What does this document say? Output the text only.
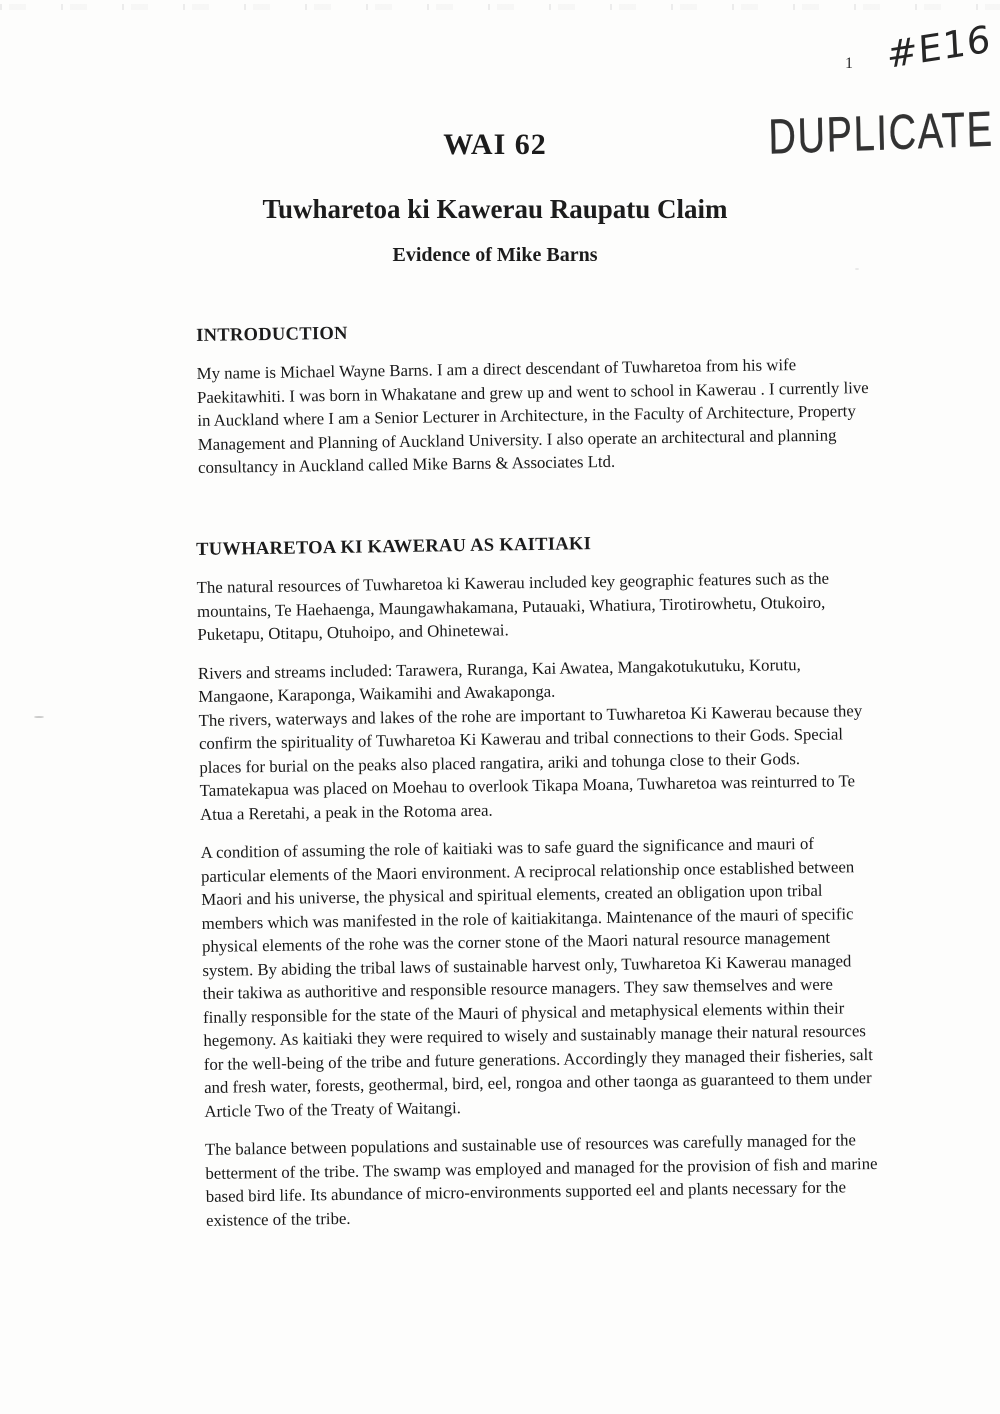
1 #E16
DUPLICATE
WAI 62
Tuwharetoa ki Kawerau Raupatu Claim
Evidence of Mike Barns
INTRODUCTION

My name is Michael Wayne Barns. I am a direct descendant of Tuwharetoa from his wife Paekitawhiti. I was born in Whakatane and grew up and went to school in Kawerau . I currently live in Auckland where I am a Senior Lecturer in Architecture, in the Faculty of Architecture, Property Management and Planning of Auckland University. I also operate an architectural and planning consultancy in Auckland called Mike Barns & Associates Ltd.

TUWHARETOA KI KAWERAU AS KAITIAKI

The natural resources of Tuwharetoa ki Kawerau included key geographic features such as the mountains, Te Haehaenga, Maungawhakamana, Putauaki, Whatiura, Tirotirowhetu, Otukoiro, Puketapu, Otitapu, Otuhoipo, and Ohinetewai.

Rivers and streams included: Tarawera, Ruranga, Kai Awatea, Mangakotukutuku, Korutu, Mangaone, Karaponga, Waikamihi and Awakaponga.

The rivers, waterways and lakes of the rohe are important to Tuwharetoa Ki Kawerau because they confirm the spirituality of Tuwharetoa Ki Kawerau and tribal connections to their Gods. Special places for burial on the peaks also placed rangatira, ariki and tohunga close to their Gods. Tamatekapua was placed on Moehau to overlook Tikapa Moana, Tuwharetoa was reinturred to Te Atua a Reretahi, a peak in the Rotoma area.

A condition of assuming the role of kaitiaki was to safe guard the significance and mauri of particular elements of the Maori environment. A reciprocal relationship once established between Maori and his universe, the physical and spiritual elements, created an obligation upon tribal members which was manifested in the role of kaitiakitanga. Maintenance of the mauri of specific physical elements of the rohe was the corner stone of the Maori natural resource management system. By abiding the tribal laws of sustainable harvest only, Tuwharetoa Ki Kawerau managed their takiwa as authoritive and responsible resource managers. They saw themselves and were finally responsible for the state of the Mauri of physical and metaphysical elements within their hegemony. As kaitiaki they were required to wisely and sustainably manage their natural resources for the well-being of the tribe and future generations. Accordingly they managed their fisheries, salt and fresh water, forests, geothermal, bird, eel, rongoa and other taonga as guaranteed to them under Article Two of the Treaty of Waitangi.

The balance between populations and sustainable use of resources was carefully managed for the betterment of the tribe. The swamp was employed and managed for the provision of fish and marine based bird life. Its abundance of micro-environments supported eel and plants necessary for the existence of the tribe.
